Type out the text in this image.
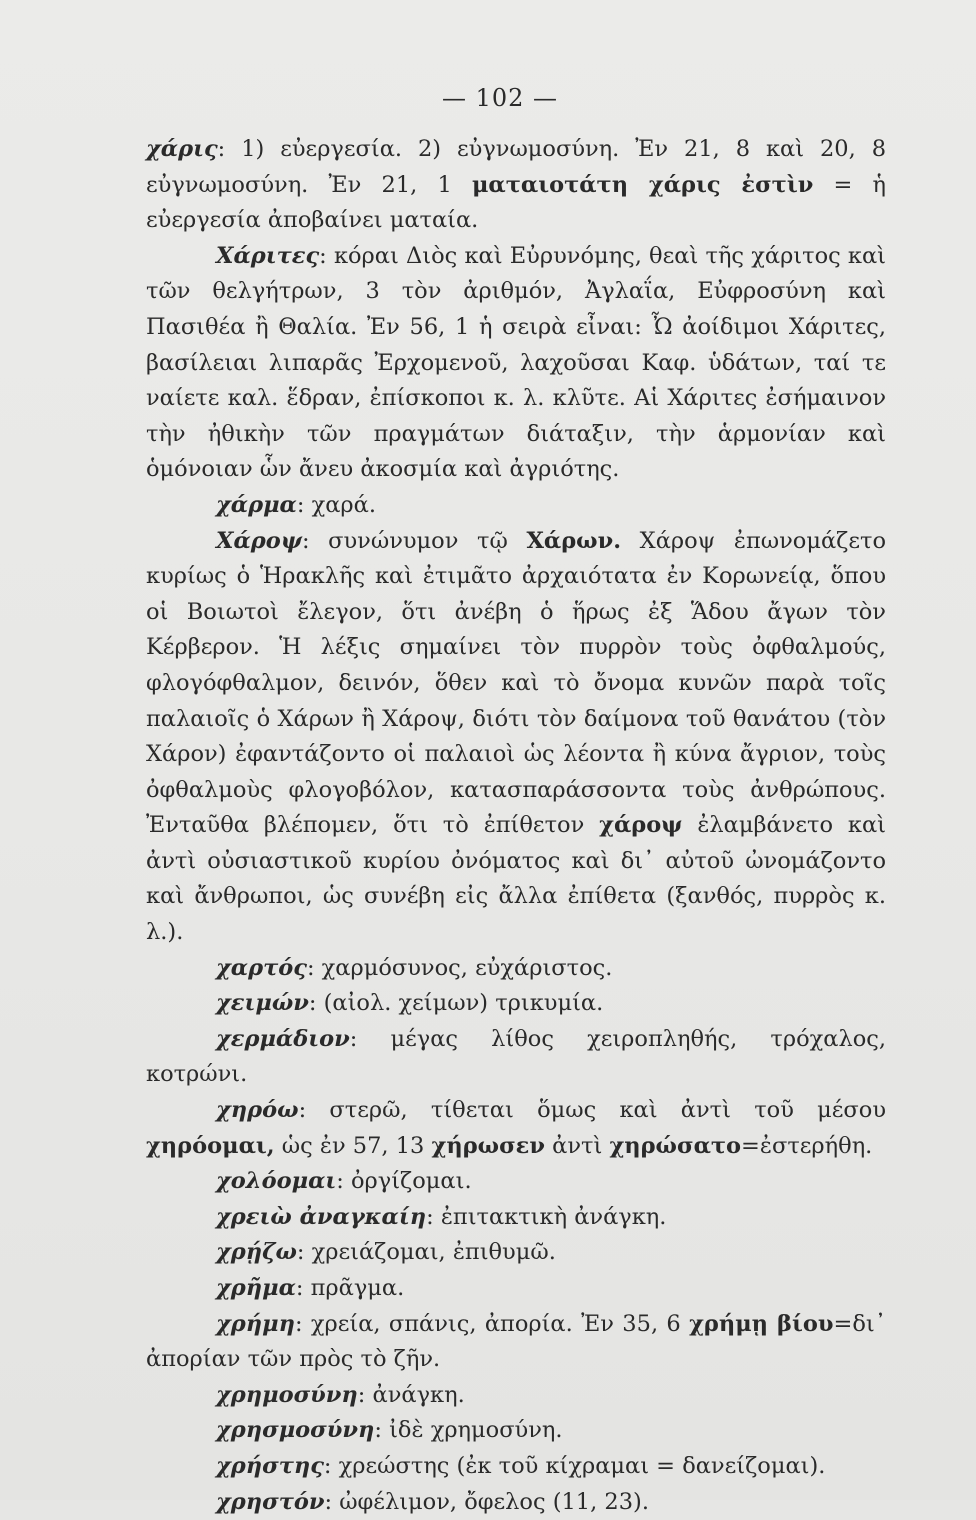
— 102 —

χάρις: 1) εὐεργεσία. 2) εὐγνωμοσύνη. Ἐν 21, 8 καὶ 20, 8 εὐγνωμοσύνη. Ἐν 21, 1 ματαιοτάτη χάρις ἐστὶν = ἡ εὐεργεσία ἀποβαίνει ματαία.

Χάριτες: κόραι Διὸς καὶ Εὐρυνόμης, θεαὶ τῆς χάριτος καὶ τῶν θελγήτρων, 3 τὸν ἀριθμόν, Ἀγλαΐα, Εὐφροσύνη καὶ Πασιθέα ἢ Θαλία. Ἐν 56, 1 ἡ σειρὰ εἶναι: Ὦ ἀοίδιμοι Χάριτες, βασίλειαι λιπαρᾶς Ἐρχομενοῦ, λαχοῦσαι Καφ. ὑδάτων, ταί τε ναίετε καλ. ἕδραν, ἐπίσκοποι κ. λ. κλῦτε. Αἱ Χάριτες ἐσήμαινον τὴν ἠθικὴν τῶν πραγμάτων διάταξιν, τὴν ἁρμονίαν καὶ ὁμόνοιαν ὧν ἄνευ ἀκοσμία καὶ ἀγριότης.

χάρμα: χαρά.

Χάροψ: συνώνυμον τῷ Χάρων. Χάροψ ἐπωνομάζετο κυρίως ὁ Ἡρακλῆς καὶ ἐτιμᾶτο ἀρχαιότατα ἐν Κορωνείᾳ, ὅπου οἱ Βοιωτοὶ ἔλεγον, ὅτι ἀνέβη ὁ ἥρως ἐξ Ἅδου ἄγων τὸν Κέρβερον. Ἡ λέξις σημαίνει τὸν πυρρὸν τοὺς ὀφθαλμούς, φλογόφθαλμον, δεινόν, ὅθεν καὶ τὸ ὄνομα κυνῶν παρὰ τοῖς παλαιοῖς ὁ Χάρων ἢ Χάροψ, διότι τὸν δαίμονα τοῦ θανάτου (τὸν Χάρον) ἐφαντάζοντο οἱ παλαιοὶ ὡς λέοντα ἢ κύνα ἄγριον, τοὺς ὀφθαλμοὺς φλογοβόλον, κατασπαράσσοντα τοὺς ἀνθρώπους. Ἐνταῦθα βλέπομεν, ὅτι τὸ ἐπίθετον χάροψ ἐλαμβάνετο καὶ ἀντὶ οὐσιαστικοῦ κυρίου ὀνόματος καὶ δι᾽ αὐτοῦ ὠνομάζοντο καὶ ἄνθρωποι, ὡς συνέβη εἰς ἄλλα ἐπίθετα (ξανθός, πυρρὸς κ. λ.).

χαρτός: χαρμόσυνος, εὐχάριστος.

χειμών: (αἰολ. χείμων) τρικυμία.

χερμάδιον: μέγας λίθος χειροπληθής, τρόχαλος, κοτρώνι.

χηρόω: στερῶ, τίθεται ὅμως καὶ ἀντὶ τοῦ μέσου χηρόομαι, ὡς ἐν 57, 13 χήρωσεν ἀντὶ χηρώσατο=ἐστερήθη.

χολόομαι: ὀργίζομαι.

χρειὼ ἀναγκαίη: ἐπιτακτικὴ ἀνάγκη.

χρῄζω: χρειάζομαι, ἐπιθυμῶ.

χρῆμα: πρᾶγμα.

χρήμη: χρεία, σπάνις, ἀπορία. Ἐν 35, 6 χρήμῃ βίου=δι᾽ ἀπορίαν τῶν πρὸς τὸ ζῆν.

χρημοσύνη: ἀνάγκη.

χρησμοσύνη: ἰδὲ χρημοσύνη.

χρήστης: χρεώστης (ἐκ τοῦ κίχραμαι = δανείζομαι).

χρηστόν: ὠφέλιμον, ὄφελος (11, 23).
